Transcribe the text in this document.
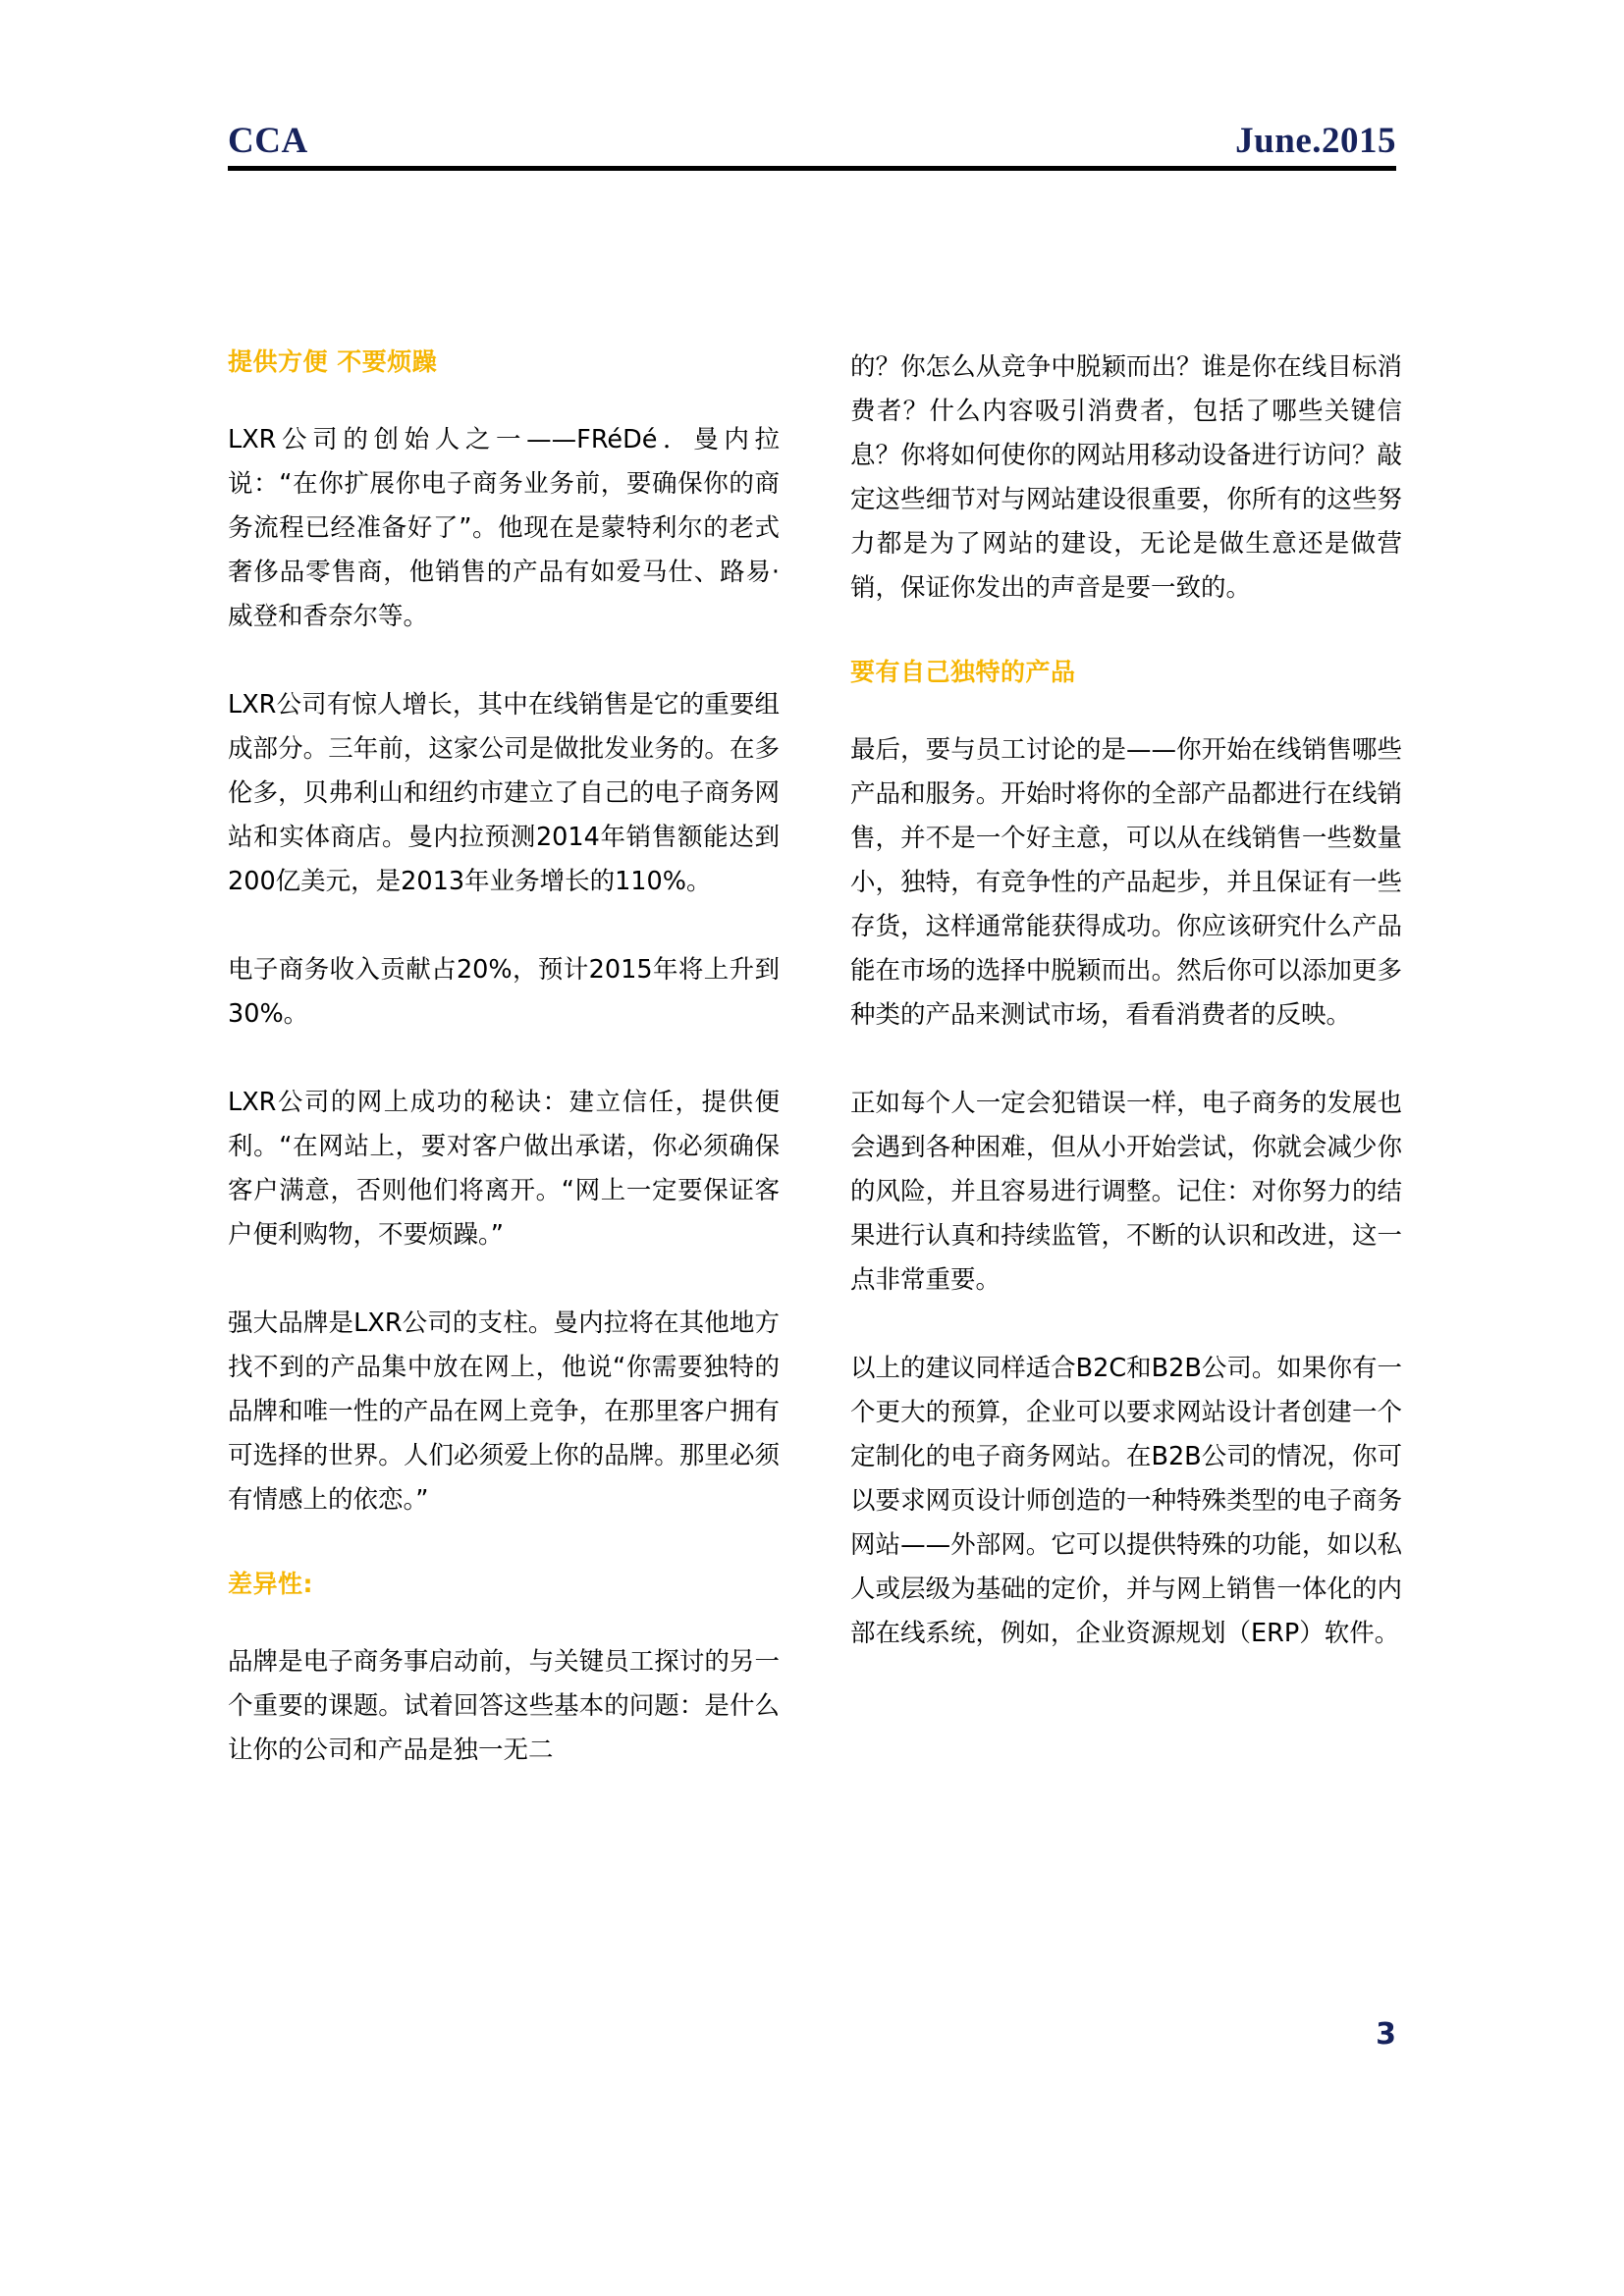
CCA	June.2015
提供方便 不要烦躁

LXR公司的创始人之一——FRéDé．曼内拉说：“在你扩展你电子商务业务前，要确保你的商务流程已经准备好了”。他现在是蒙特利尔的老式奢侈品零售商，他销售的产品有如爱马仕、路易·威登和香奈尔等。

LXR公司有惊人增长，其中在线销售是它的重要组成部分。三年前，这家公司是做批发业务的。在多伦多，贝弗利山和纽约市建立了自己的电子商务网站和实体商店。曼内拉预测2014年销售额能达到200亿美元，是2013年业务增长的110%。

电子商务收入贡献占20%，预计2015年将上升到30%。

LXR公司的网上成功的秘诀：建立信任，提供便利。“在网站上，要对客户做出承诺，你必须确保客户满意，否则他们将离开。“网上一定要保证客户便利购物，不要烦躁。”

强大品牌是LXR公司的支柱。曼内拉将在其他地方找不到的产品集中放在网上，他说“你需要独特的品牌和唯一性的产品在网上竞争，在那里客户拥有可选择的世界。人们必须爱上你的品牌。那里必须有情感上的依恋。”

差异性:

品牌是电子商务事启动前，与关键员工探讨的另一个重要的课题。试着回答这些基本的问题：是什么让你的公司和产品是独一无二

的？你怎么从竞争中脱颖而出？谁是你在线目标消费者？什么内容吸引消费者，包括了哪些关键信息？你将如何使你的网站用移动设备进行访问？敲定这些细节对与网站建设很重要，你所有的这些努力都是为了网站的建设，无论是做生意还是做营销，保证你发出的声音是要一致的。

要有自己独特的产品

最后，要与员工讨论的是——你开始在线销售哪些产品和服务。开始时将你的全部产品都进行在线销售，并不是一个好主意，可以从在线销售一些数量小，独特，有竞争性的产品起步，并且保证有一些存货，这样通常能获得成功。你应该研究什么产品能在市场的选择中脱颖而出。然后你可以添加更多种类的产品来测试市场，看看消费者的反映。

正如每个人一定会犯错误一样，电子商务的发展也会遇到各种困难，但从小开始尝试，你就会减少你的风险，并且容易进行调整。记住：对你努力的结果进行认真和持续监管，不断的认识和改进，这一点非常重要。

以上的建议同样适合B2C和B2B公司。如果你有一个更大的预算，企业可以要求网站设计者创建一个定制化的电子商务网站。在B2B公司的情况，你可以要求网页设计师创造的一种特殊类型的电子商务网站——外部网。它可以提供特殊的功能，如以私人或层级为基础的定价，并与网上销售一体化的内部在线系统，例如，企业资源规划（ERP）软件。

3
